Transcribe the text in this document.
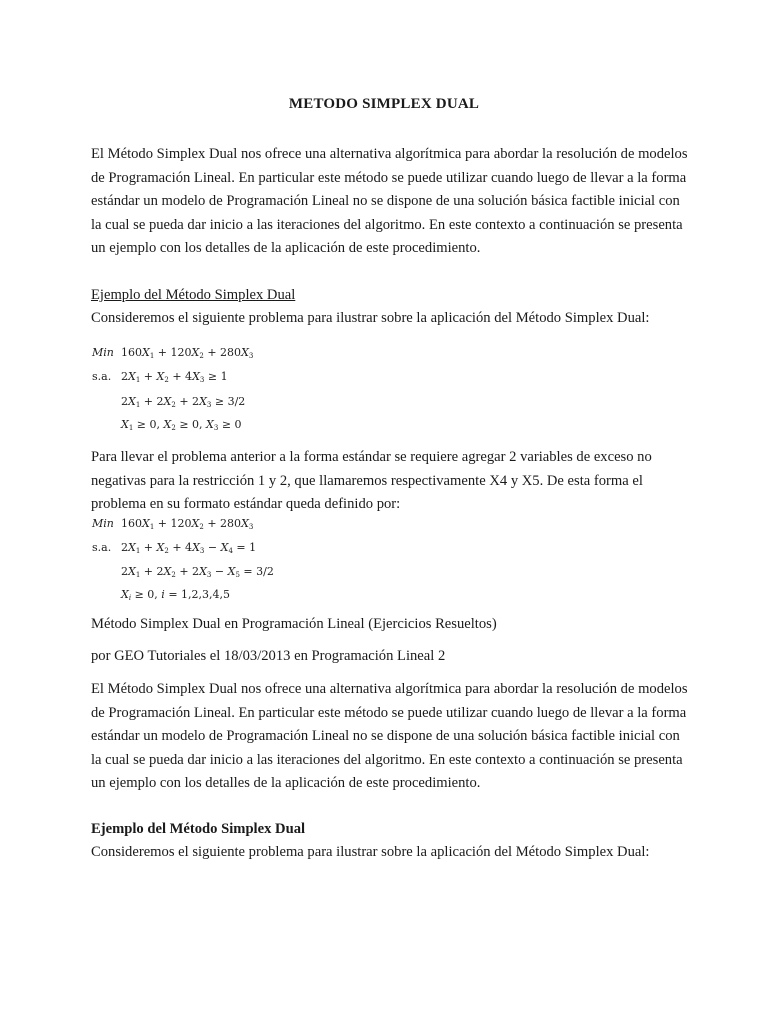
METODO SIMPLEX DUAL

El Método Simplex Dual nos ofrece una alternativa algorítmica para abordar la resolución de modelos de Programación Lineal. En particular este método se puede utilizar cuando luego de llevar a la forma estándar un modelo de Programación Lineal no se dispone de una solución básica factible inicial con la cual se pueda dar inicio a las iteraciones del algoritmo. En este contexto a continuación se presenta un ejemplo con los detalles de la aplicación de este procedimiento.

Ejemplo del Método Simplex Dual
Consideremos el siguiente problema para ilustrar sobre la aplicación del Método Simplex Dual:
Min $160X_1 + 120X_2 + 280X_3$
s.a. $2X_1 + X_2 + 4X_3 \ge 1$
$2X_1 + 2X_2 + 2X_3 \ge 3/2$
$X_1 \ge 0$, $X_2 \ge 0$, $X_3 \ge 0$

Para llevar el problema anterior a la forma estándar se requiere agregar 2 variables de exceso no negativas para la restricción 1 y 2, que llamaremos respectivamente X4 y X5. De esta forma el problema en su formato estándar queda definido por:

Min $160X_1 + 120X_2 + 280X_3$
s.a. $2X_1 + X_2 + 4X_3 - X_4 = 1$
$2X_1 + 2X_2 + 2X_3 - X_5 = 3/2$
$X_i \ge 0$, i = 1,2,3,4,5
Método Simplex Dual en Programación Lineal (Ejercicios Resueltos)
por GEO Tutoriales el 18/03/2013 en Programación Lineal 2

El Método Simplex Dual nos ofrece una alternativa algorítmica para abordar la resolución de modelos de Programación Lineal. En particular este método se puede utilizar cuando luego de llevar a la forma estándar un modelo de Programación Lineal no se dispone de una solución básica factible inicial con la cual se pueda dar inicio a las iteraciones del algoritmo. En este contexto a continuación se presenta un ejemplo con los detalles de la aplicación de este procedimiento.

Ejemplo del Método Simplex Dual
Consideremos el siguiente problema para ilustrar sobre la aplicación del Método Simplex Dual:
